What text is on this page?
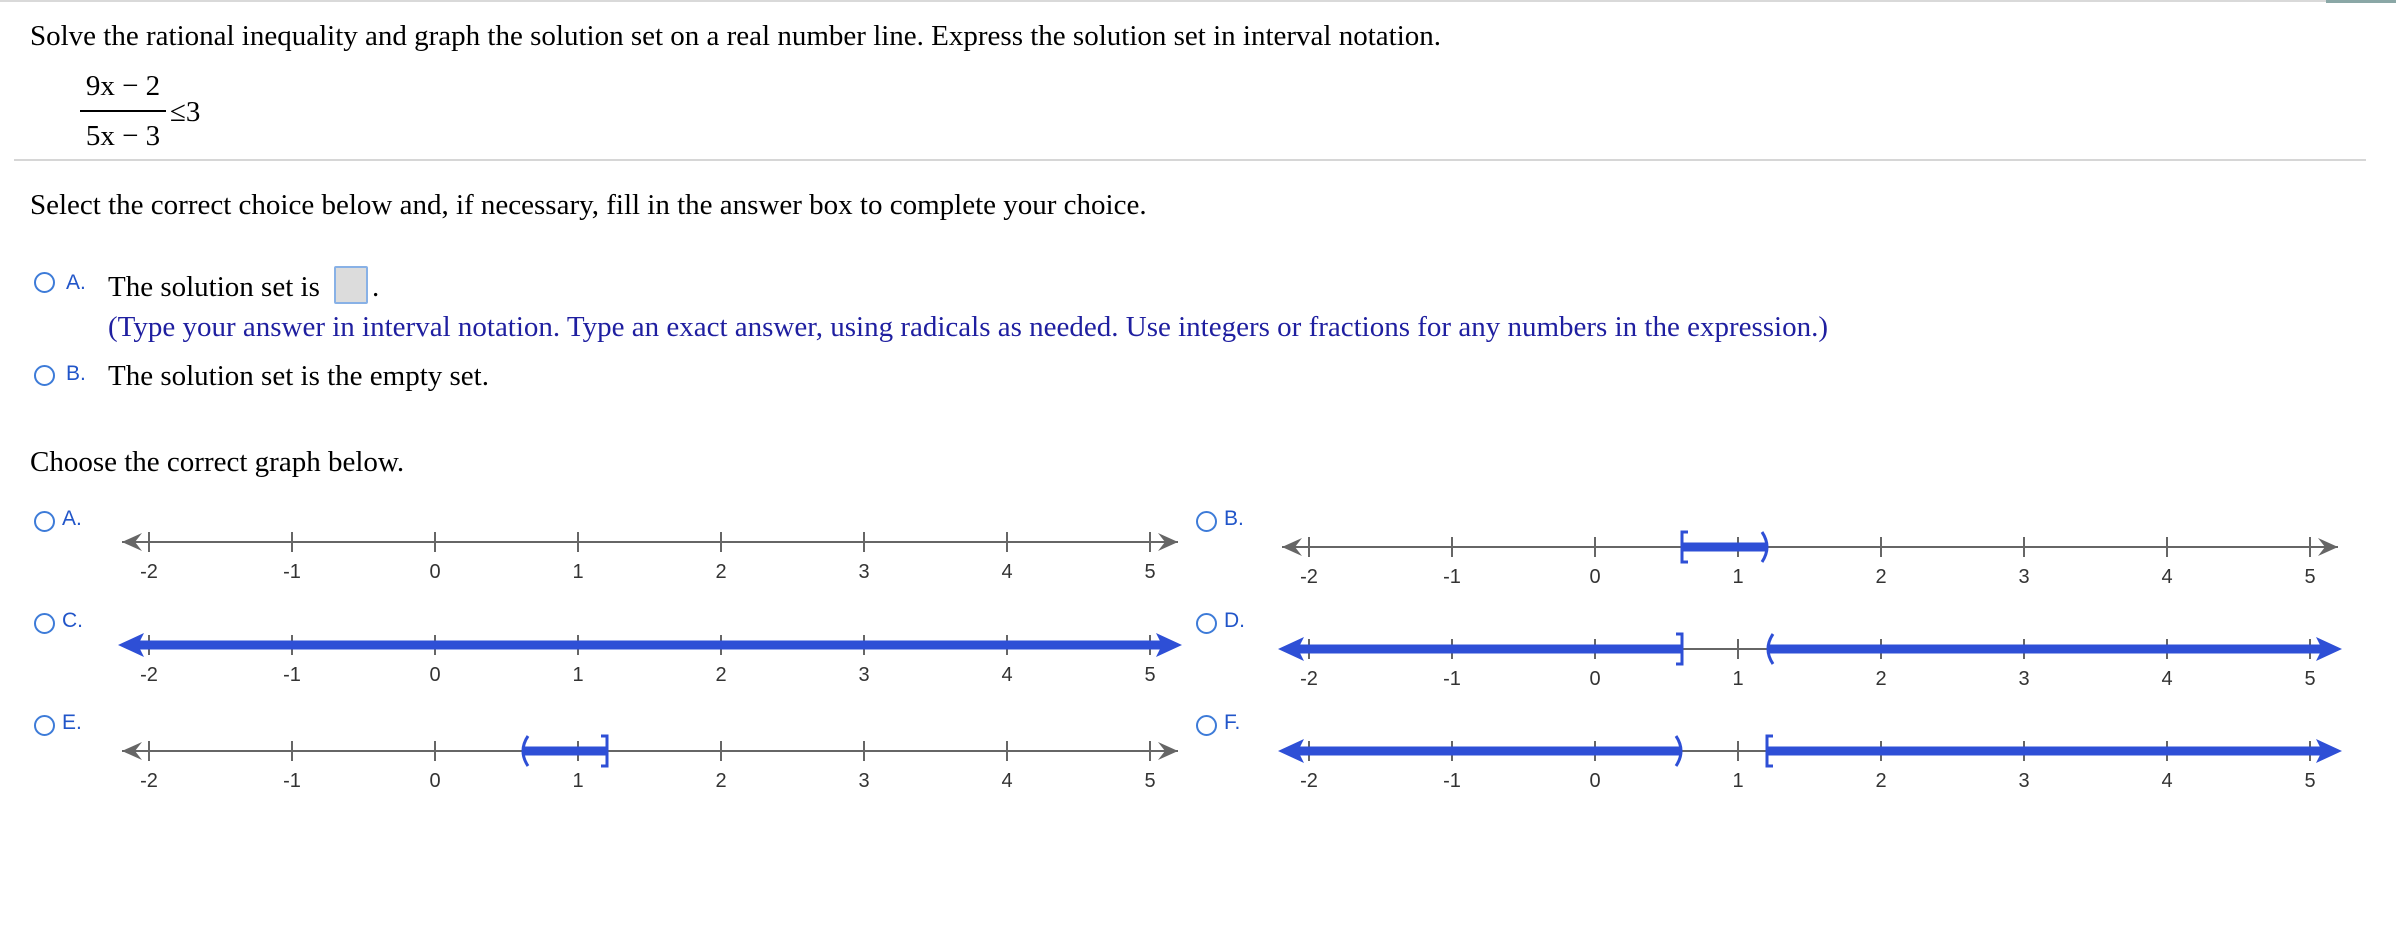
Solve the rational inequality and graph the solution set on a real number line. Express the solution set in interval notation.
9x − 2
5x − 3
≤3
Select the correct choice below and, if necessary, fill in the answer box to complete your choice.
A. The solution set is .
(Type your answer in interval notation. Type an exact answer, using radicals as needed. Use integers or fractions for any numbers in the expression.)
B. The solution set is the empty set.
Choose the correct graph below.
A.
-2	-1	0	1	2	3	4	5
B.
-2	-1	0	1	2	3	4	5
C.
-2	-1	0	1	2	3	4	5
D.
-2	-1	0	1	2	3	4	5
E.
-2	-1	0	1	2	3	4	5
F.
-2	-1	0	1	2	3	4	5
